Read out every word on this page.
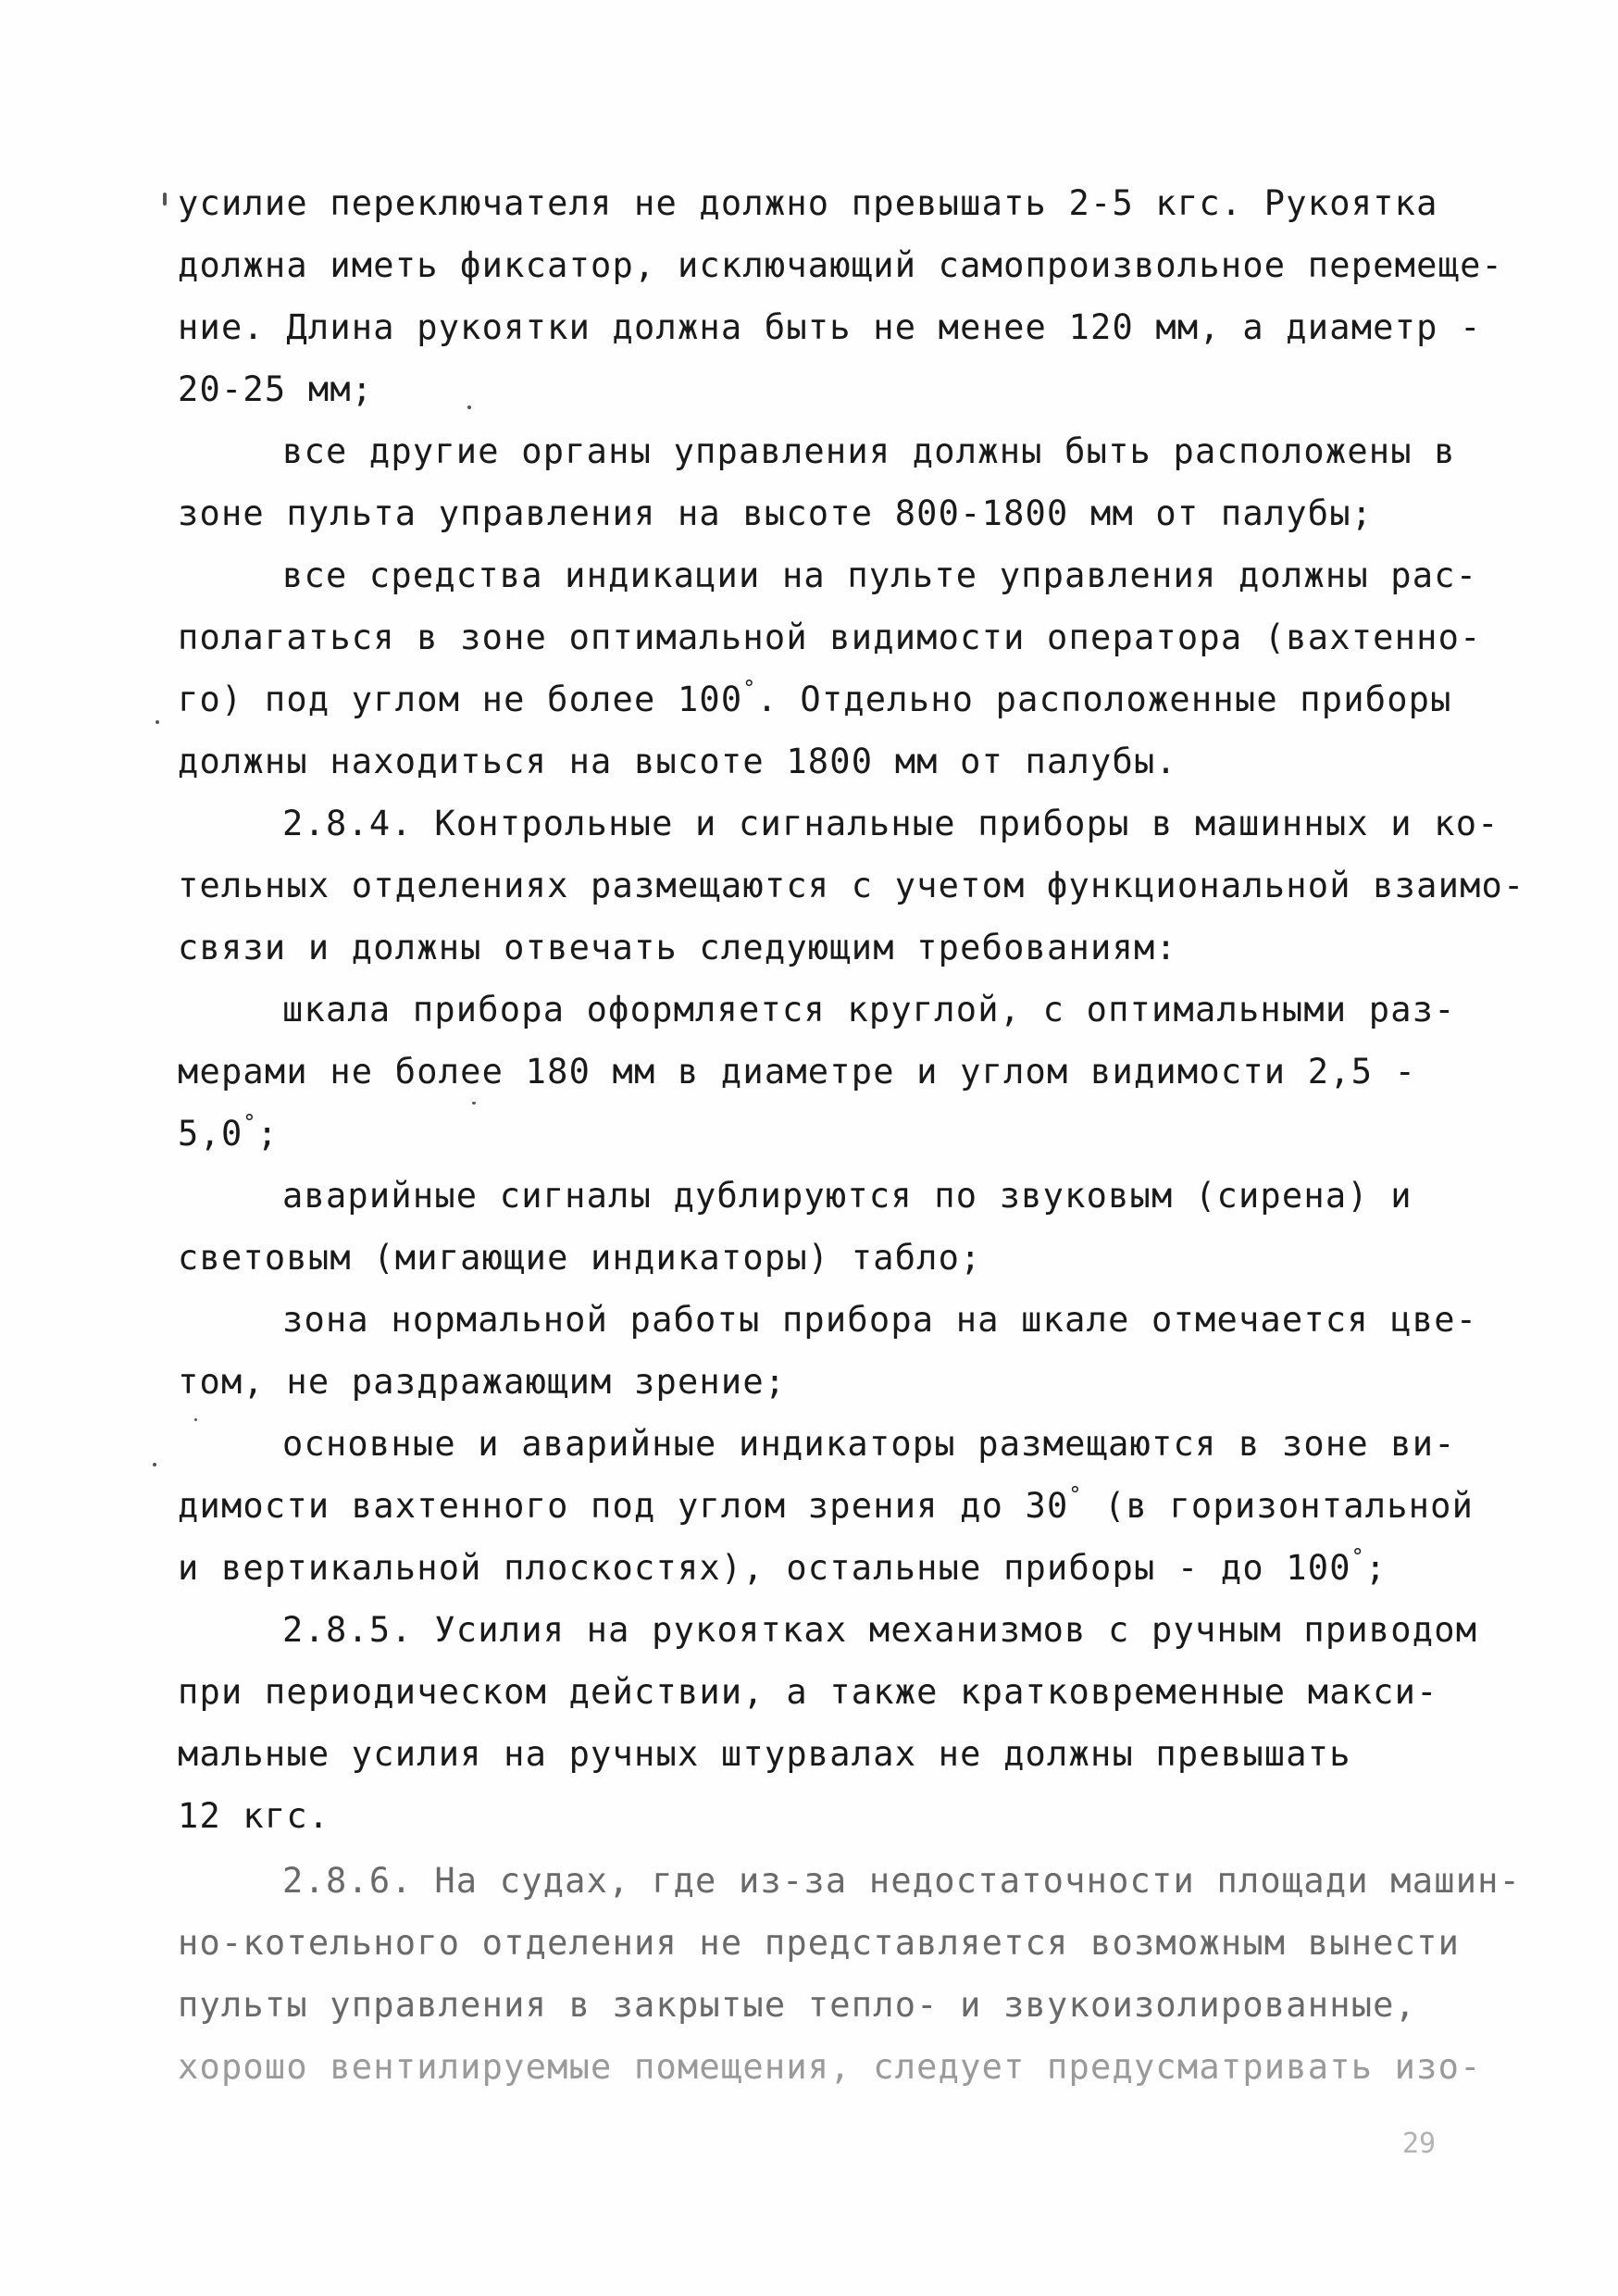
усилие переключателя не должно превышать 2-5 кгс. Рукоятка
должна иметь фиксатор, исключающий самопроизвольное перемеще-
ние. Длина рукоятки должна быть не менее 120 мм, а диаметр -
20-25 мм;
все другие органы управления должны быть расположены в
зоне пульта управления на высоте 800-1800 мм от палубы;
все средства индикации на пульте управления должны рас-
полагаться в зоне оптимальной видимости оператора (вахтенно-
го) под углом не более 100°. Отдельно расположенные приборы
должны находиться на высоте 1800 мм от палубы.
2.8.4. Контрольные и сигнальные приборы в машинных и ко-
тельных отделениях размещаются с учетом функциональной взаимо-
связи и должны отвечать следующим требованиям:
шкала прибора оформляется круглой, с оптимальными раз-
мерами не более 180 мм в диаметре и углом видимости 2,5 -
5,0°;
аварийные сигналы дублируются по звуковым (сирена) и
световым (мигающие индикаторы) табло;
зона нормальной работы прибора на шкале отмечается цве-
том, не раздражающим зрение;
основные и аварийные индикаторы размещаются в зоне ви-
димости вахтенного под углом зрения до 30° (в горизонтальной
и вертикальной плоскостях), остальные приборы - до 100°;
2.8.5. Усилия на рукоятках механизмов с ручным приводом
при периодическом действии, а также кратковременные макси-
мальные усилия на ручных штурвалах не должны превышать
12 кгс.
2.8.6. На судах, где из-за недостаточности площади машин-
но-котельного отделения не представляется возможным вынести
пульты управления в закрытые тепло- и звукоизолированные,
хорошо вентилируемые помещения, следует предусматривать изо-
29
